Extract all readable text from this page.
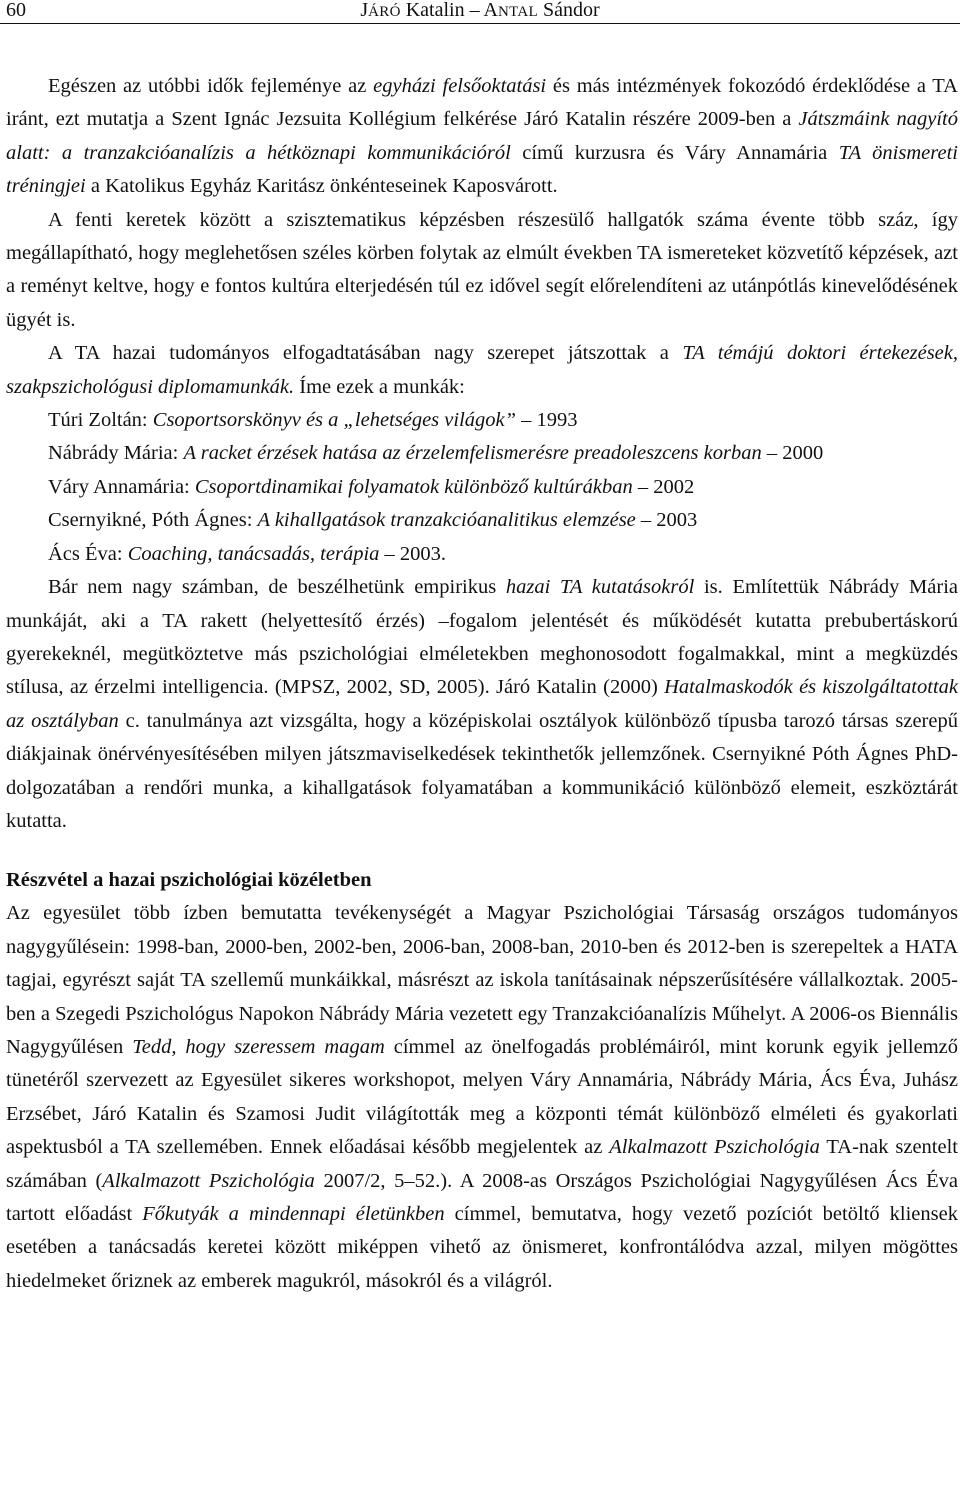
60	JÁRÓ Katalin – ANTAL Sándor

Egészen az utóbbi idők fejleménye az egyházi felsőoktatási és más intézmények fokozódó érdeklődése a TA iránt, ezt mutatja a Szent Ignác Jezsuita Kollégium felkérése Járó Katalin részére 2009-ben a Játszmáink nagyító alatt: a tranzakcióanalízis a hétköznapi kommunikációról című kurzusra és Váry Annamária TA önismereti tréningjei a Katolikus Egyház Karitász önkénteseinek Kaposvárott.

A fenti keretek között a szisztematikus képzésben részesülő hallgatók száma évente több száz, így megállapítható, hogy meglehetősen széles körben folytak az elmúlt években TA ismereteket közvetítő képzések, azt a reményt keltve, hogy e fontos kultúra elterjedésén túl ez idővel segít előrelendíteni az utánpótlás kinevelődésének ügyét is.

A TA hazai tudományos elfogadtatásában nagy szerepet játszottak a TA témájú doktori értekezések, szakpszichológusi diplomamunkák. Íme ezek a munkák:

Túri Zoltán: Csoportsorskönyv és a „lehetséges világok” – 1993

Nábrády Mária: A racket érzések hatása az érzelemfelismerésre preadoleszcens korban – 2000

Váry Annamária: Csoportdinamikai folyamatok különböző kultúrákban – 2002

Csernyikné, Póth Ágnes: A kihallgatások tranzakcióanalitikus elemzése – 2003

Ács Éva: Coaching, tanácsadás, terápia – 2003.

Bár nem nagy számban, de beszélhetünk empirikus hazai TA kutatásokról is. Említettük Nábrády Mária munkáját, aki a TA rakett (helyettesítő érzés) –fogalom jelentését és működését kutatta prebubertáskorú gyerekeknél, megütköztetve más pszichológiai elméletekben meghonosodott fogalmakkal, mint a megküzdés stílusa, az érzelmi intelligencia. (MPSZ, 2002, SD, 2005). Járó Katalin (2000) Hatalmaskodók és kiszolgáltatottak az osztályban c. tanulmánya azt vizsgálta, hogy a középiskolai osztályok különböző típusba tarozó társas szerepű diákjainak önérvényesítésében milyen játszmaviselkedések tekinthetők jellemzőnek. Csernyikné Póth Ágnes PhD-dolgozatában a rendőri munka, a kihallgatások folyamatában a kommunikáció különböző elemeit, eszköztárát kutatta.

Részvétel a hazai pszichológiai közéletben

Az egyesület több ízben bemutatta tevékenységét a Magyar Pszichológiai Társaság országos tudományos nagygyűlésein: 1998-ban, 2000-ben, 2002-ben, 2006-ban, 2008-ban, 2010-ben és 2012-ben is szerepeltek a HATA tagjai, egyrészt saját TA szellemű munkáikkal, másrészt az iskola tanításainak népszerűsítésére vállalkoztak. 2005-ben a Szegedi Pszichológus Napokon Nábrády Mária vezetett egy Tranzakcióanalízis Műhelyt. A 2006-os Biennális Nagygyűlésen Tedd, hogy szeressem magam címmel az önelfogadás problémáiról, mint korunk egyik jellemző tünetéről szervezett az Egyesület sikeres workshopot, melyen Váry Annamária, Nábrády Mária, Ács Éva, Juhász Erzsébet, Járó Katalin és Szamosi Judit világították meg a központi témát különböző elméleti és gyakorlati aspektusból a TA szellemében. Ennek előadásai később megjelentek az Alkalmazott Pszichológia TA-nak szentelt számában (Alkalmazott Pszichológia 2007/2, 5–52.). A 2008-as Országos Pszichológiai Nagygyűlésen Ács Éva tartott előadást Főkutyák a mindennapi életünkben címmel, bemutatva, hogy vezető pozíciót betöltő kliensek esetében a tanácsadás keretei között miképpen vihető az önismeret, konfrontálódva azzal, milyen mögöttes hiedelmeket őriznek az emberek magukról, másokról és a világról.
